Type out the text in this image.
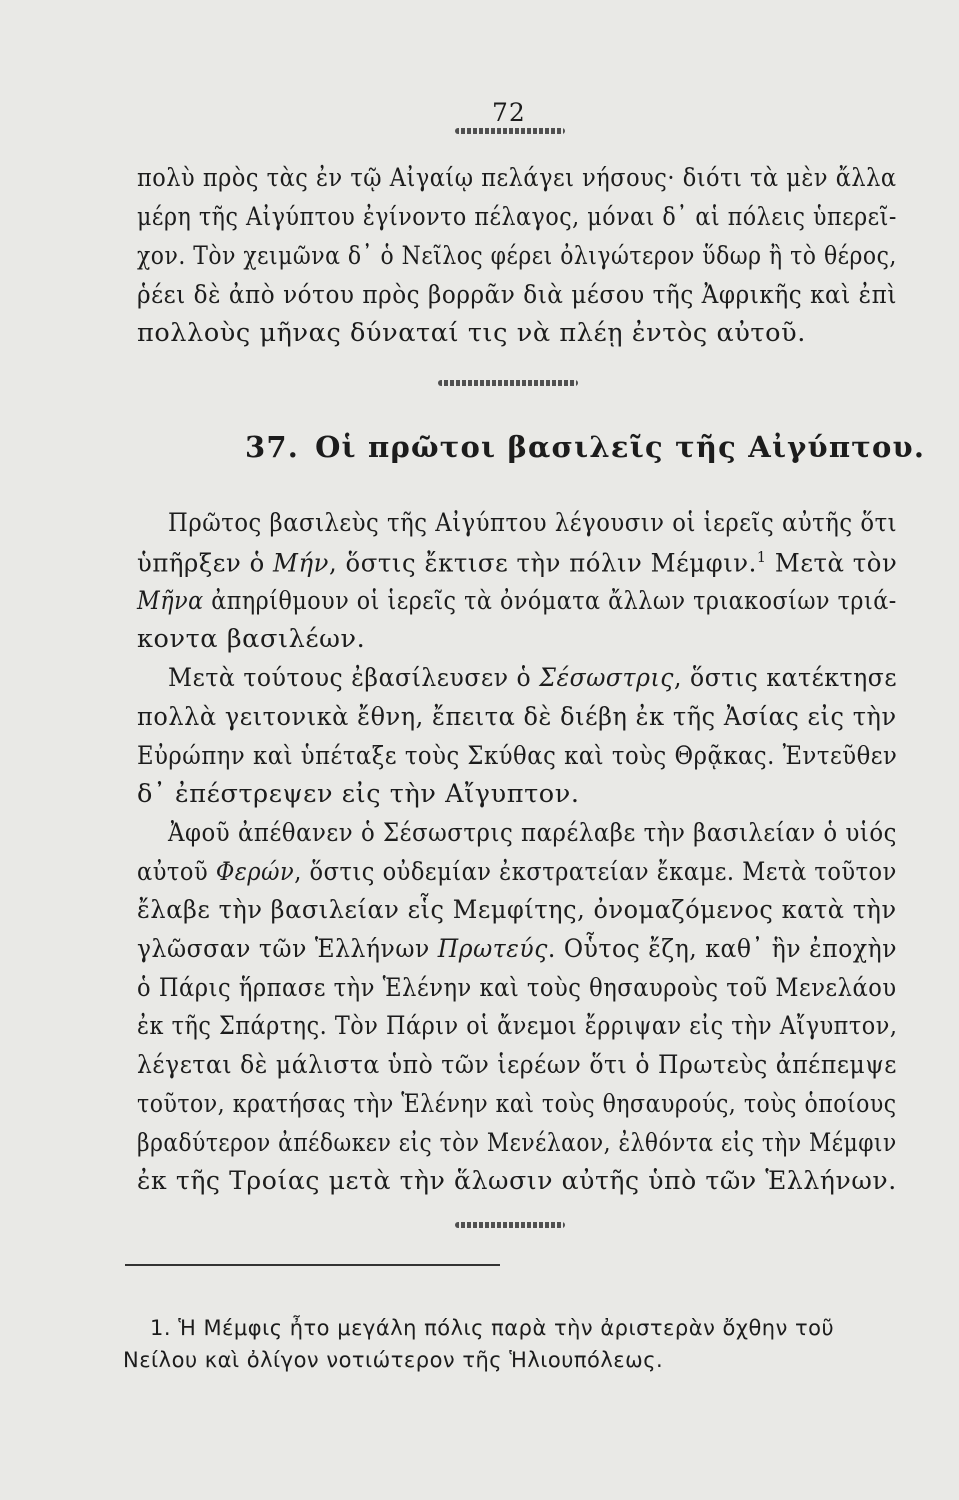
72
πολὺ πρὸς τὰς ἐν τῷ Αἰγαίῳ πελάγει νήσους· διότι τὰ μὲν ἄλλα
μέρη τῆς Αἰγύπτου ἐγίνοντο πέλαγος, μόναι δ᾽ αἱ πόλεις ὑπερεῖ-
χον. Τὸν χειμῶνα δ᾽ ὁ Νεῖλος φέρει ὀλιγώτερον ὕδωρ ἢ τὸ θέρος,
ῥέει δὲ ἀπὸ νότου πρὸς βορρᾶν διὰ μέσου τῆς Ἀφρικῆς καὶ ἐπὶ
πολλοὺς μῆνας δύναταί τις νὰ πλέῃ ἐντὸς αὐτοῦ.
37. Οἱ πρῶτοι βασιλεῖς τῆς Αἰγύπτου.
Πρῶτος βασιλεὺς τῆς Αἰγύπτου λέγουσιν οἱ ἱερεῖς αὐτῆς ὅτι
ὑπῆρξεν ὁ Μήν, ὅστις ἔκτισε τὴν πόλιν Μέμφιν.$^1$ Μετὰ τὸν
Μῆνα ἀπηρίθμουν οἱ ἱερεῖς τὰ ὀνόματα ἄλλων τριακοσίων τριά-
κοντα βασιλέων.
Μετὰ τούτους ἐβασίλευσεν ὁ Σέσωστρις, ὅστις κατέκτησε
πολλὰ γειτονικὰ ἔθνη, ἔπειτα δὲ διέβη ἐκ τῆς Ἀσίας εἰς τὴν
Εὐρώπην καὶ ὑπέταξε τοὺς Σκύθας καὶ τοὺς Θρᾷκας. Ἐντεῦθεν
δ᾽ ἐπέστρεψεν εἰς τὴν Αἴγυπτον.
Ἀφοῦ ἀπέθανεν ὁ Σέσωστρις παρέλαβε τὴν βασιλείαν ὁ υἱός
αὐτοῦ Φερών, ὅστις οὐδεμίαν ἐκστρατείαν ἔκαμε. Μετὰ τοῦτον
ἔλαβε τὴν βασιλείαν εἷς Μεμφίτης, ὀνομαζόμενος κατὰ τὴν
γλῶσσαν τῶν Ἑλλήνων Πρωτεύς. Οὗτος ἔζη, καθ᾽ ἣν ἐποχὴν
ὁ Πάρις ἥρπασε τὴν Ἑλένην καὶ τοὺς θησαυροὺς τοῦ Μενελάου
ἐκ τῆς Σπάρτης. Τὸν Πάριν οἱ ἄνεμοι ἔρριψαν εἰς τὴν Αἴγυπτον,
λέγεται δὲ μάλιστα ὑπὸ τῶν ἱερέων ὅτι ὁ Πρωτεὺς ἀπέπεμψε
τοῦτον, κρατήσας τὴν Ἑλένην καὶ τοὺς θησαυρούς, τοὺς ὁποίους
βραδύτερον ἀπέδωκεν εἰς τὸν Μενέλαον, ἐλθόντα εἰς τὴν Μέμφιν
ἐκ τῆς Τροίας μετὰ τὴν ἅλωσιν αὐτῆς ὑπὸ τῶν Ἑλλήνων.
1. Ἡ Μέμφις ἦτο μεγάλη πόλις παρὰ τὴν ἀριστερὰν ὄχθην τοῦ
Νείλου καὶ ὀλίγον νοτιώτερον τῆς Ἡλιουπόλεως.
